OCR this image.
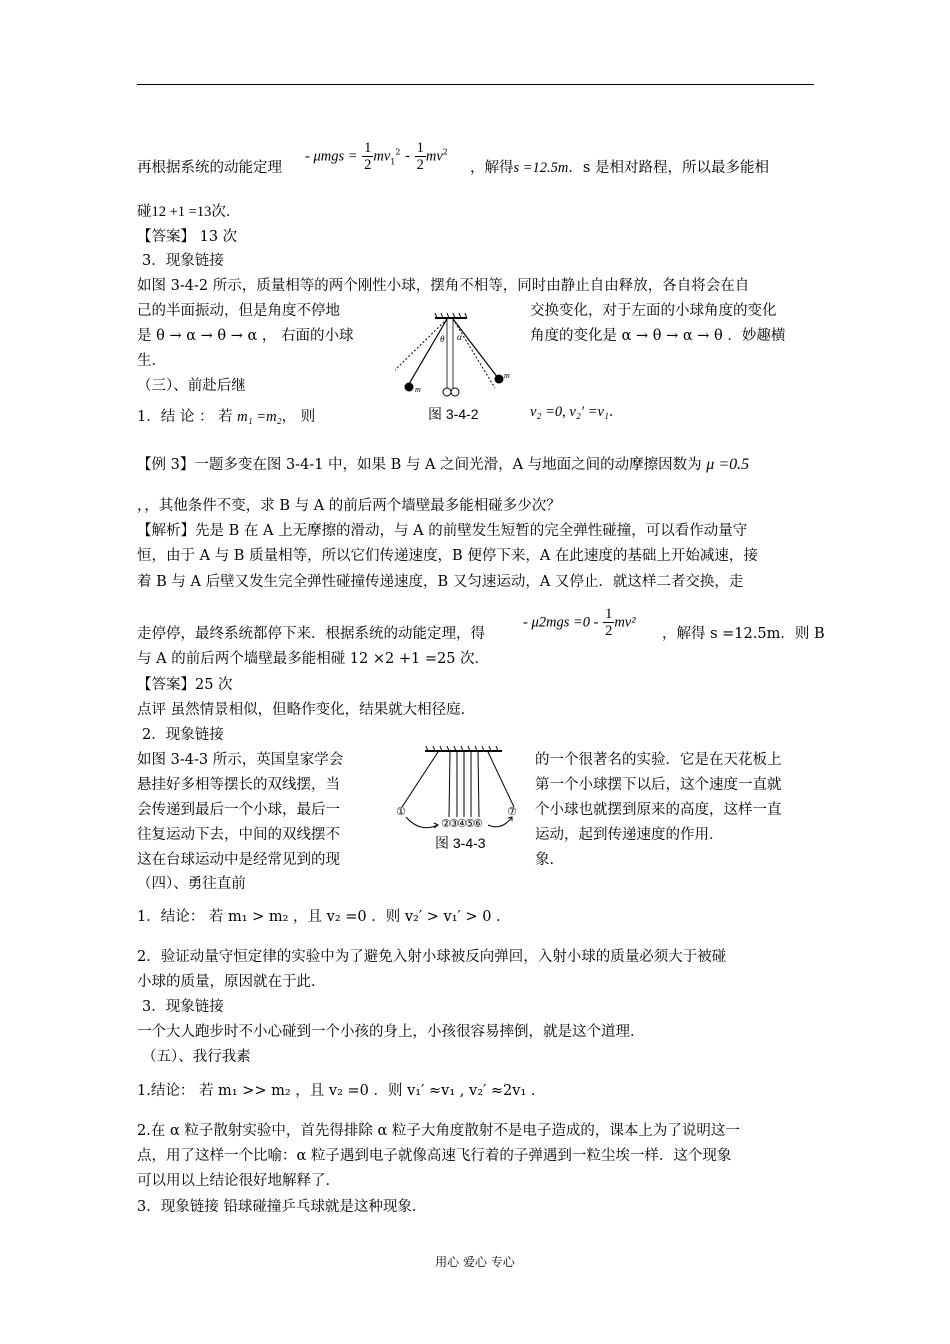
再根据系统的动能定理
- $\mu mgs = \frac{1}{2} mv_1^2 - \frac{1}{2} mv^2$
，解得s =12.5m．s 是相对路程，所以最多能相
碰12 +1 =13次．
【答案】 13 次
3．现象链接
如图 3-4-2 所示，质量相等的两个刚性小球，摆角不相等，同时由静止自由释放，各自将会在自
己的半面振动，但是角度不停地	交换变化，对于左面的小球角度的变化
是 θ → α → θ → α ， 右面的小球	角度的变化是 α → θ → α → θ ．妙趣横
生．
θ α
m
m
图 3-4-2
（三）、前赴后继
1．结 论 ： 若 m₁ =m₂， 则	v₂ =0, v₂′ =v₁．
【例 3】一题多变在图 3-4-1 中，如果 B 与 A 之间光滑，A 与地面之间的动摩擦因数为 μ =0.5
，，其他条件不变，求 B 与 A 的前后两个墙壁最多能相碰多少次？
【解析】先是 B 在 A 上无摩擦的滑动，与 A 的前壁发生短暂的完全弹性碰撞，可以看作动量守
恒，由于 A 与 B 质量相等，所以它们传递速度，B 便停下来，A 在此速度的基础上开始减速，接
着 B 与 A 后壁又发生完全弹性碰撞传递速度，B 又匀速运动，A 又停止．就这样二者交换，走
走停停，最终系统都停下来．根据系统的动能定理，得
- $\mu 2mgs =0 - \frac{1}{2} mv^2$
，解得 s =12.5m．则 B
与 A 的前后两个墙壁最多能相碰 12 ×2 +1 =25 次．
【答案】25 次
点评 虽然情景相似，但略作变化，结果就大相径庭．
2．现象链接
如图 3-4-3 所示，英国皇家学会	的一个很著名的实验．它是在天花板上
悬挂好多相等摆长的双线摆，当	第一个小球摆下以后，这个速度一直就
会传递到最后一个小球，最后一	个小球也就摆到原来的高度，这样一直
往复运动下去，中间的双线摆不	运动，起到传递速度的作用．
这在台球运动中是经常见到的现	象．
①
②
③
④
⑤
⑥
⑦
图 3-4-3
（四）、勇往直前
1．结论： 若 m₁ > m₂ ，且 v₂ =0 ．则 v₂′ > v₁′ > 0 ．
2．验证动量守恒定律的实验中为了避免入射小球被反向弹回，入射小球的质量必须大于被碰
小球的质量，原因就在于此．
3．现象链接
一个大人跑步时不小心碰到一个小孩的身上，小孩很容易摔倒，就是这个道理．
（五）、我行我素
1.结论： 若 m₁ >> m₂ ，且 v₂ =0 ．则 v₁′ ≈v₁ , v₂′ ≈2v₁ ．
2.在 α 粒子散射实验中，首先得排除 α 粒子大角度散射不是电子造成的，课本上为了说明这一
点，用了这样一个比喻：α 粒子遇到电子就像高速飞行着的子弹遇到一粒尘埃一样．这个现象
可以用以上结论很好地解释了．
3．现象链接 铅球碰撞乒乓球就是这种现象．
用心 爱心 专心
